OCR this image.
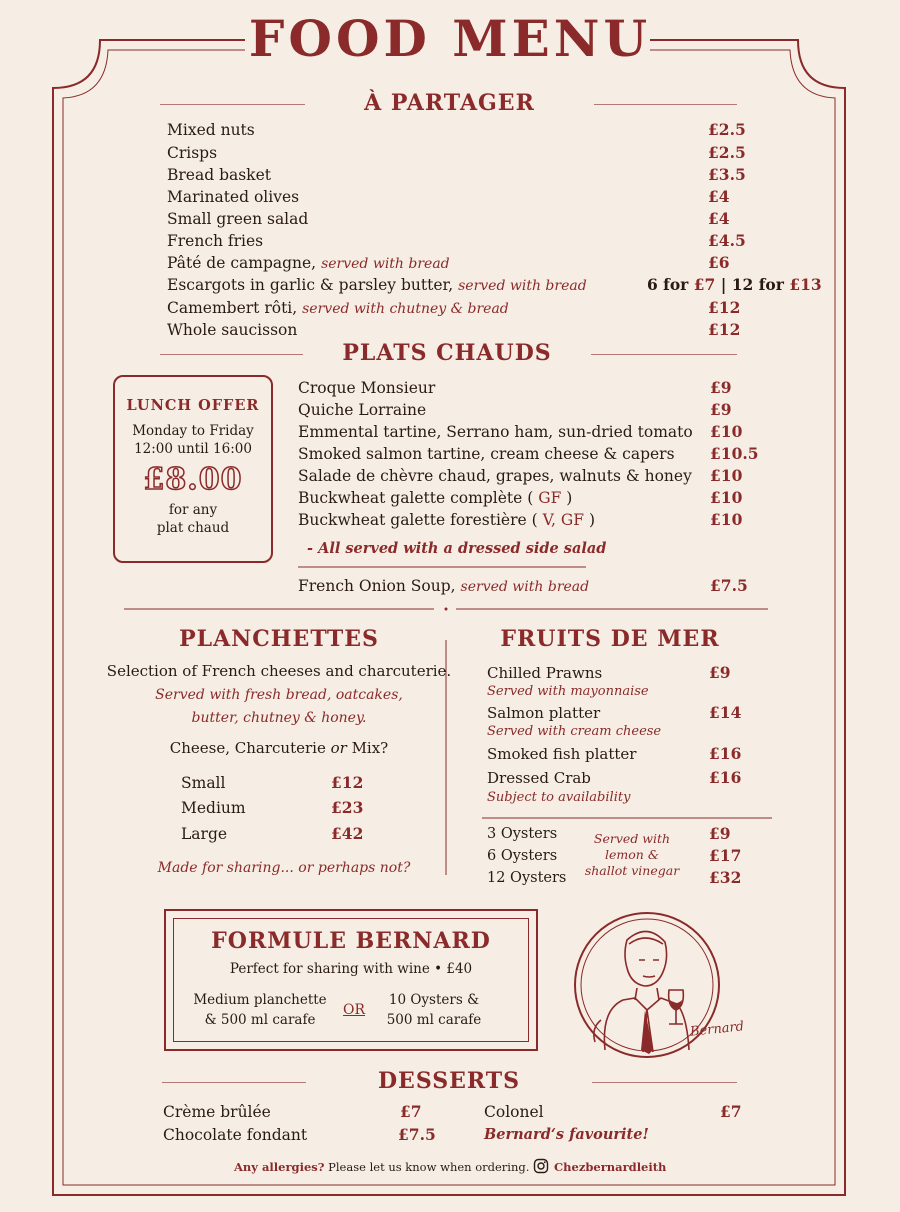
FOOD MENU
À PARTAGER
Mixed nuts	£2.5
Crisps	£2.5
Bread basket	£3.5
Marinated olives	£4
Small green salad	£4
French fries	£4.5
Pâté de campagne, served with bread	£6
Escargots in garlic & parsley butter, served with bread	6 for £7 | 12 for £13
Camembert rôti, served with chutney & bread	£12
Whole saucisson	£12
PLATS CHAUDS
LUNCH OFFER
Monday to Friday
12:00 until 16:00
£8.00
for any
plat chaud
Croque Monsieur	£9
Quiche Lorraine	£9
Emmental tartine, Serrano ham, sun-dried tomato £10
Smoked salmon tartine, cream cheese & capers £10.5
Salade de chèvre chaud, grapes, walnuts & honey £10
Buckwheat galette complète ( GF )	£10
Buckwheat galette forestière ( V, GF )	£10
- All served with a dressed side salad
French Onion Soup, served with bread	£7.5
PLANCHETTES
Selection of French cheeses and charcuterie.
Served with fresh bread, oatcakes,
butter, chutney & honey.
Cheese, Charcuterie or Mix?
Small	£12
Medium	£23
Large	£42
Made for sharing... or perhaps not?
FRUITS DE MER
Chilled Prawns
Served with mayonnaise
£9
Salmon platter
Served with cream cheese
£14
Smoked fish platter	£16
Dressed Crab
Subject to availability
£16
3 Oysters	£9
6 Oysters	£17
12 Oysters	£32
Served with
lemon &
shallot vinegar
FORMULE BERNARD
Perfect for sharing with wine • £40
Medium planchette
& 500 ml carafe
OR
10 Oysters &
500 ml carafe	Bernard
DESSERTS
Crème brûlée	£7
Chocolate fondant	£7.5
Colonel	£7
Bernard‘s favourite!
Any allergies? Please let us know when ordering. Chezbernardleith
